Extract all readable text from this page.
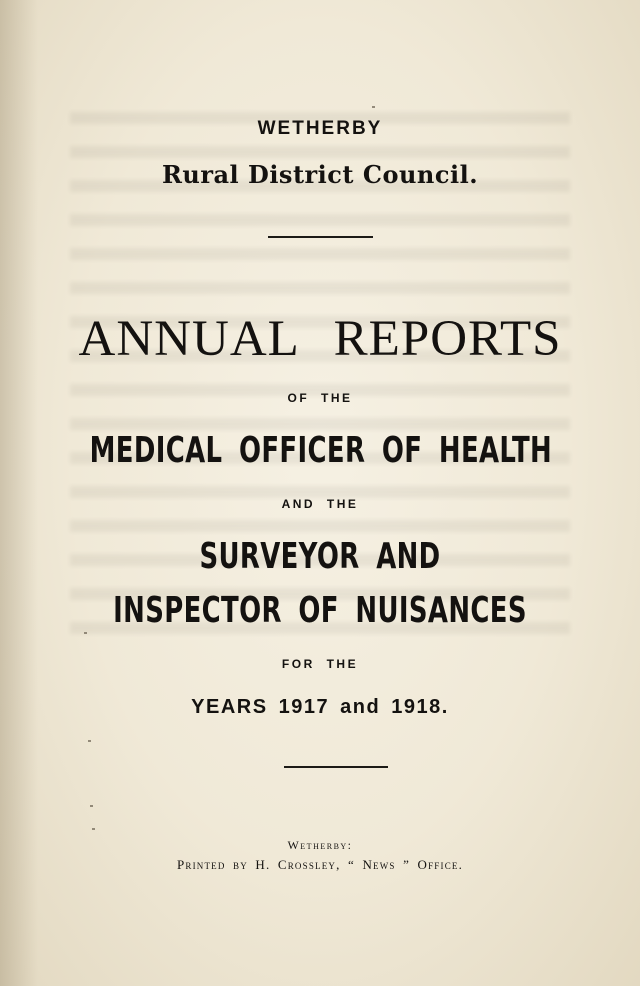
WETHERBY

Rural District Council.

ANNUAL REPORTS

OF THE

MEDICAL OFFICER OF HEALTH

AND THE

SURVEYOR AND

INSPECTOR OF NUISANCES

FOR THE

YEARS 1917 and 1918.

Wetherby:

Printed by H. Crossley, “ News ” Office.
